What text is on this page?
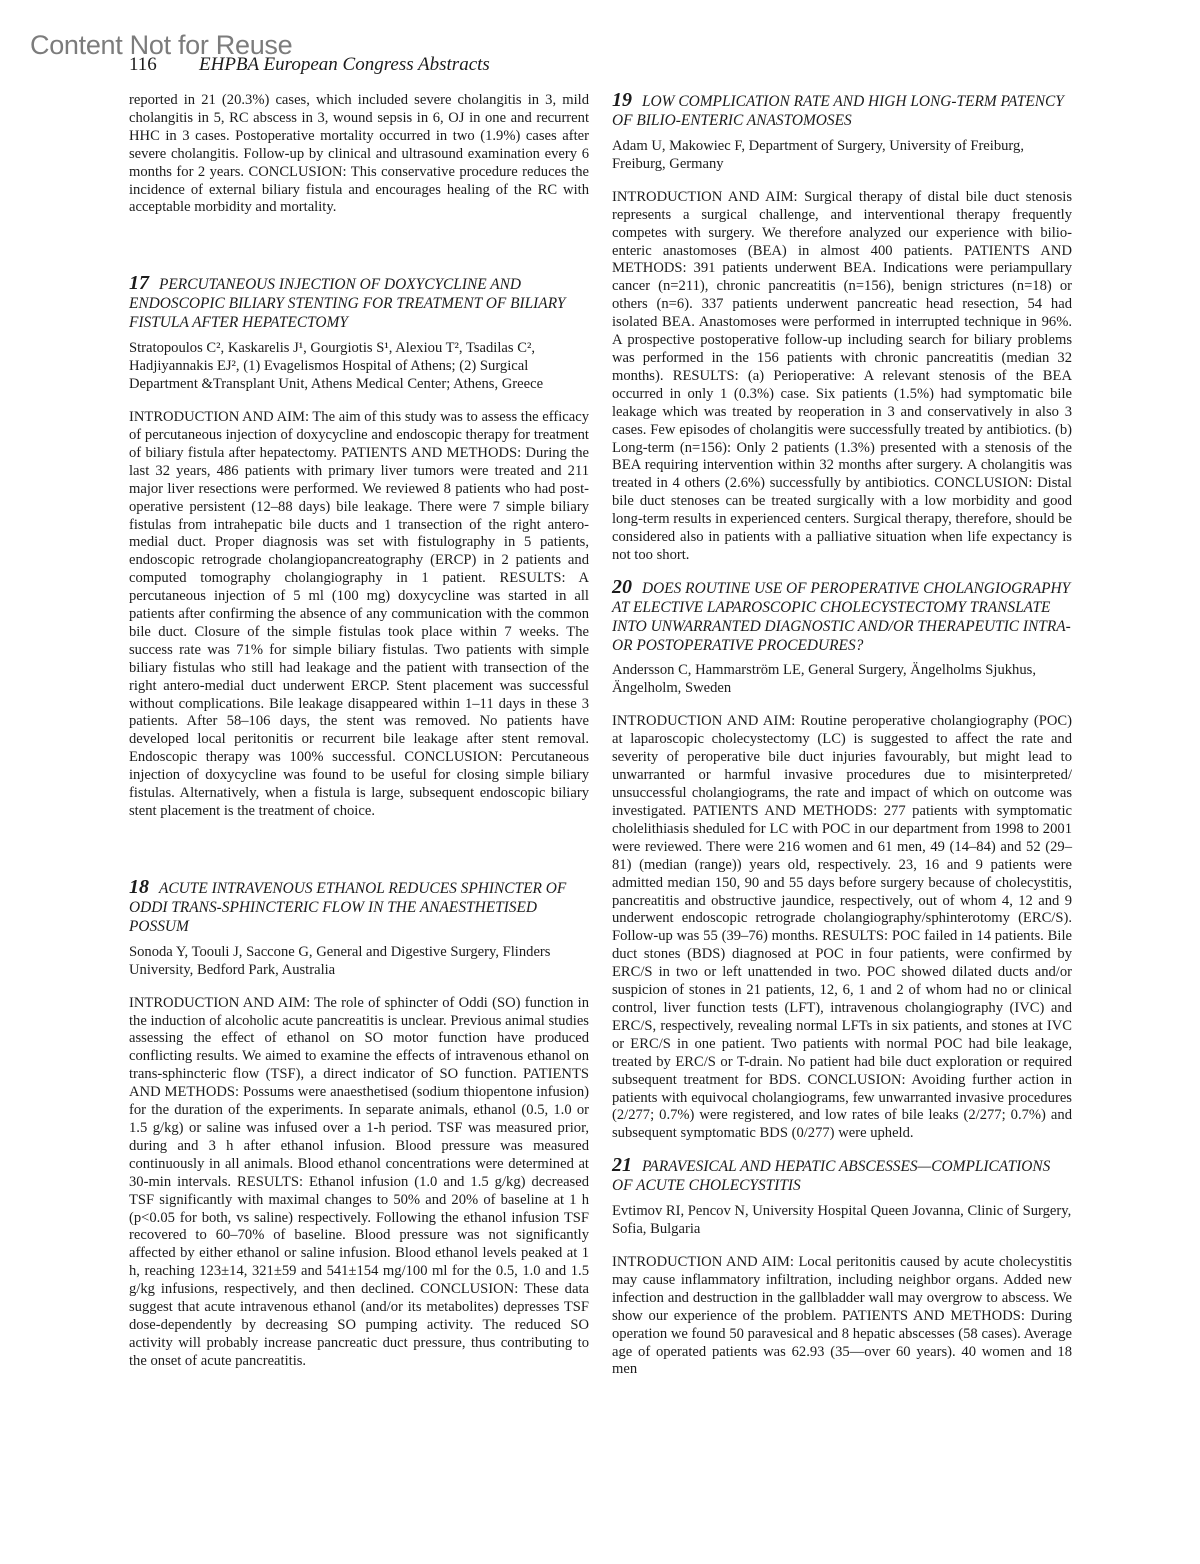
Content Not for Reuse
116 EHPBA European Congress Abstracts

reported in 21 (20.3%) cases, which included severe cholangitis in 3, mild cholangitis in 5, RC abscess in 3, wound sepsis in 6, OJ in one and recurrent HHC in 3 cases. Postoperative mortality occurred in two (1.9%) cases after severe cholangitis. Follow-up by clinical and ultrasound examination every 6 months for 2 years. CONCLUSION: This conservative procedure reduces the incidence of external biliary fistula and encourages healing of the RC with acceptable morbidity and mortality.

17 PERCUTANEOUS INJECTION OF DOXYCYCLINE AND ENDOSCOPIC BILIARY STENTING FOR TREATMENT OF BILIARY FISTULA AFTER HEPATECTOMY

Stratopoulos C², Kaskarelis J¹, Gourgiotis S¹, Alexiou T², Tsadilas C², Hadjiyannakis EJ², (1) Evagelismos Hospital of Athens; (2) Surgical Department &Transplant Unit, Athens Medical Center; Athens, Greece

INTRODUCTION AND AIM: The aim of this study was to assess the efficacy of percutaneous injection of doxycycline and endoscopic therapy for treatment of biliary fistula after hepatectomy. PATIENTS AND METHODS: During the last 32 years, 486 patients with primary liver tumors were treated and 211 major liver resections were performed. We reviewed 8 patients who had post-operative persistent (12–88 days) bile leakage. There were 7 simple biliary fistulas from intrahepatic bile ducts and 1 transection of the right antero-medial duct. Proper diagnosis was set with fistulography in 5 patients, endoscopic retrograde cholangiopancreatography (ERCP) in 2 patients and computed tomography cholangiography in 1 patient. RESULTS: A percutaneous injection of 5 ml (100 mg) doxycycline was started in all patients after confirming the absence of any communication with the common bile duct. Closure of the simple fistulas took place within 7 weeks. The success rate was 71% for simple biliary fistulas. Two patients with simple biliary fistulas who still had leakage and the patient with transection of the right antero-medial duct underwent ERCP. Stent placement was successful without complications. Bile leakage disappeared within 1–11 days in these 3 patients. After 58–106 days, the stent was removed. No patients have developed local peritonitis or recurrent bile leakage after stent removal. Endoscopic therapy was 100% successful. CONCLUSION: Percutaneous injection of doxycycline was found to be useful for closing simple biliary fistulas. Alternatively, when a fistula is large, subsequent endoscopic biliary stent placement is the treatment of choice.

18 ACUTE INTRAVENOUS ETHANOL REDUCES SPHINCTER OF ODDI TRANS-SPHINCTERIC FLOW IN THE ANAESTHETISED POSSUM

Sonoda Y, Toouli J, Saccone G, General and Digestive Surgery, Flinders University, Bedford Park, Australia

INTRODUCTION AND AIM: The role of sphincter of Oddi (SO) function in the induction of alcoholic acute pancreatitis is unclear. Previous animal studies assessing the effect of ethanol on SO motor function have produced conflicting results. We aimed to examine the effects of intravenous ethanol on trans-sphincteric flow (TSF), a direct indicator of SO function. PATIENTS AND METHODS: Possums were anaesthetised (sodium thiopentone infusion) for the duration of the experiments. In separate animals, ethanol (0.5, 1.0 or 1.5 g/kg) or saline was infused over a 1-h period. TSF was measured prior, during and 3 h after ethanol infusion. Blood pressure was measured continuously in all animals. Blood ethanol concentrations were determined at 30-min intervals. RESULTS: Ethanol infusion (1.0 and 1.5 g/kg) decreased TSF significantly with maximal changes to 50% and 20% of baseline at 1 h (p<0.05 for both, vs saline) respectively. Following the ethanol infusion TSF recovered to 60–70% of baseline. Blood pressure was not significantly affected by either ethanol or saline infusion. Blood ethanol levels peaked at 1 h, reaching 123±14, 321±59 and 541±154 mg/100 ml for the 0.5, 1.0 and 1.5 g/kg infusions, respectively, and then declined. CONCLUSION: These data suggest that acute intravenous ethanol (and/or its metabolites) depresses TSF dose-dependently by decreasing SO pumping activity. The reduced SO activity will probably increase pancreatic duct pressure, thus contributing to the onset of acute pancreatitis.

19 LOW COMPLICATION RATE AND HIGH LONG-TERM PATENCY OF BILIO-ENTERIC ANASTOMOSES

Adam U, Makowiec F, Department of Surgery, University of Freiburg, Freiburg, Germany

INTRODUCTION AND AIM: Surgical therapy of distal bile duct stenosis represents a surgical challenge, and interventional therapy frequently competes with surgery. We therefore analyzed our experience with bilio-enteric anastomoses (BEA) in almost 400 patients. PATIENTS AND METHODS: 391 patients underwent BEA. Indications were periampullary cancer (n=211), chronic pancreatitis (n=156), benign strictures (n=18) or others (n=6). 337 patients underwent pancreatic head resection, 54 had isolated BEA. Anastomoses were performed in interrupted technique in 96%. A prospective postoperative follow-up including search for biliary problems was performed in the 156 patients with chronic pancreatitis (median 32 months). RESULTS: (a) Perioperative: A relevant stenosis of the BEA occurred in only 1 (0.3%) case. Six patients (1.5%) had symptomatic bile leakage which was treated by reoperation in 3 and conservatively in also 3 cases. Few episodes of cholangitis were successfully treated by antibiotics. (b) Long-term (n=156): Only 2 patients (1.3%) presented with a stenosis of the BEA requiring intervention within 32 months after surgery. A cholangitis was treated in 4 others (2.6%) successfully by antibiotics. CONCLUSION: Distal bile duct stenoses can be treated surgically with a low morbidity and good long-term results in experienced centers. Surgical therapy, therefore, should be considered also in patients with a palliative situation when life expectancy is not too short.

20 DOES ROUTINE USE OF PEROPERATIVE CHOLANGIOGRAPHY AT ELECTIVE LAPAROSCOPIC CHOLECYSTECTOMY TRANSLATE INTO UNWARRANTED DIAGNOSTIC AND/OR THERAPEUTIC INTRA- OR POSTOPERATIVE PROCEDURES?

Andersson C, Hammarström LE, General Surgery, Ängelholms Sjukhus, Ängelholm, Sweden

INTRODUCTION AND AIM: Routine peroperative cholangiography (POC) at laparoscopic cholecystectomy (LC) is suggested to affect the rate and severity of peroperative bile duct injuries favourably, but might lead to unwarranted or harmful invasive procedures due to misinterpreted/ unsuccessful cholangiograms, the rate and impact of which on outcome was investigated. PATIENTS AND METHODS: 277 patients with symptomatic cholelithiasis sheduled for LC with POC in our department from 1998 to 2001 were reviewed. There were 216 women and 61 men, 49 (14–84) and 52 (29–81) (median (range)) years old, respectively. 23, 16 and 9 patients were admitted median 150, 90 and 55 days before surgery because of cholecystitis, pancreatitis and obstructive jaundice, respectively, out of whom 4, 12 and 9 underwent endoscopic retrograde cholangiography/sphinterotomy (ERC/S). Follow-up was 55 (39–76) months. RESULTS: POC failed in 14 patients. Bile duct stones (BDS) diagnosed at POC in four patients, were confirmed by ERC/S in two or left unattended in two. POC showed dilated ducts and/or suspicion of stones in 21 patients, 12, 6, 1 and 2 of whom had no or clinical control, liver function tests (LFT), intravenous cholangiography (IVC) and ERC/S, respectively, revealing normal LFTs in six patients, and stones at IVC or ERC/S in one patient. Two patients with normal POC had bile leakage, treated by ERC/S or T-drain. No patient had bile duct exploration or required subsequent treatment for BDS. CONCLUSION: Avoiding further action in patients with equivocal cholangiograms, few unwarranted invasive procedures (2/277; 0.7%) were registered, and low rates of bile leaks (2/277; 0.7%) and subsequent symptomatic BDS (0/277) were upheld.

21 PARAVESICAL AND HEPATIC ABSCESSES—COMPLICATIONS OF ACUTE CHOLECYSTITIS

Evtimov RI, Pencov N, University Hospital Queen Jovanna, Clinic of Surgery, Sofia, Bulgaria

INTRODUCTION AND AIM: Local peritonitis caused by acute cholecystitis may cause inflammatory infiltration, including neighbor organs. Added new infection and destruction in the gallbladder wall may overgrow to abscess. We show our experience of the problem. PATIENTS AND METHODS: During operation we found 50 paravesical and 8 hepatic abscesses (58 cases). Average age of operated patients was 62.93 (35—over 60 years). 40 women and 18 men
